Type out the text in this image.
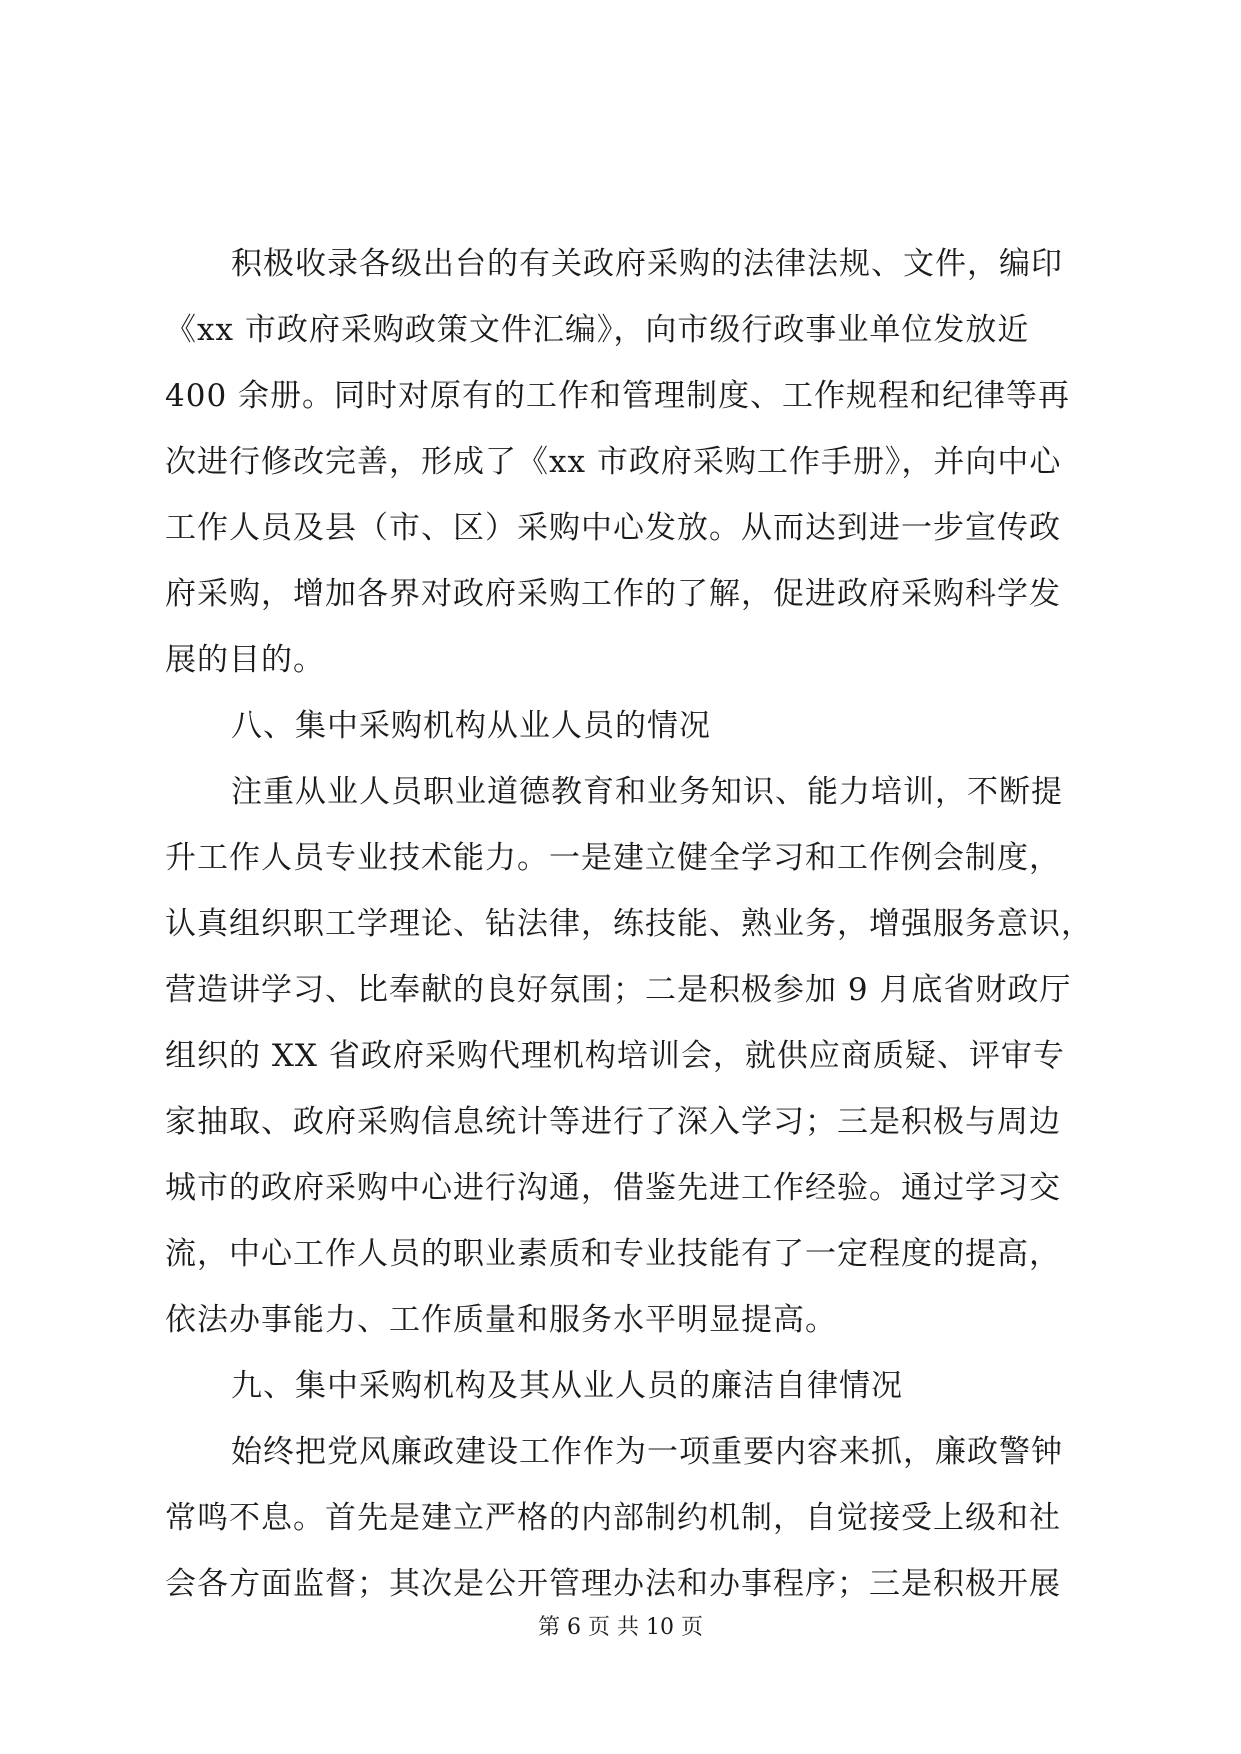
积极收录各级出台的有关政府采购的法律法规、文件，编印
《xx 市政府采购政策文件汇编》，向市级行政事业单位发放近
400 余册。同时对原有的工作和管理制度、工作规程和纪律等再
次进行修改完善，形成了《xx 市政府采购工作手册》，并向中心
工作人员及县（市、区）采购中心发放。从而达到进一步宣传政
府采购，增加各界对政府采购工作的了解，促进政府采购科学发
展的目的。
八、集中采购机构从业人员的情况
注重从业人员职业道德教育和业务知识、能力培训，不断提
升工作人员专业技术能力。一是建立健全学习和工作例会制度，
认真组织职工学理论、钻法律，练技能、熟业务，增强服务意识，
营造讲学习、比奉献的良好氛围；二是积极参加 9 月底省财政厅
组织的 XX 省政府采购代理机构培训会，就供应商质疑、评审专
家抽取、政府采购信息统计等进行了深入学习；三是积极与周边
城市的政府采购中心进行沟通，借鉴先进工作经验。通过学习交
流，中心工作人员的职业素质和专业技能有了一定程度的提高，
依法办事能力、工作质量和服务水平明显提高。
九、集中采购机构及其从业人员的廉洁自律情况
始终把党风廉政建设工作作为一项重要内容来抓，廉政警钟
常鸣不息。首先是建立严格的内部制约机制，自觉接受上级和社
会各方面监督；其次是公开管理办法和办事程序；三是积极开展
第 6 页 共 10 页
